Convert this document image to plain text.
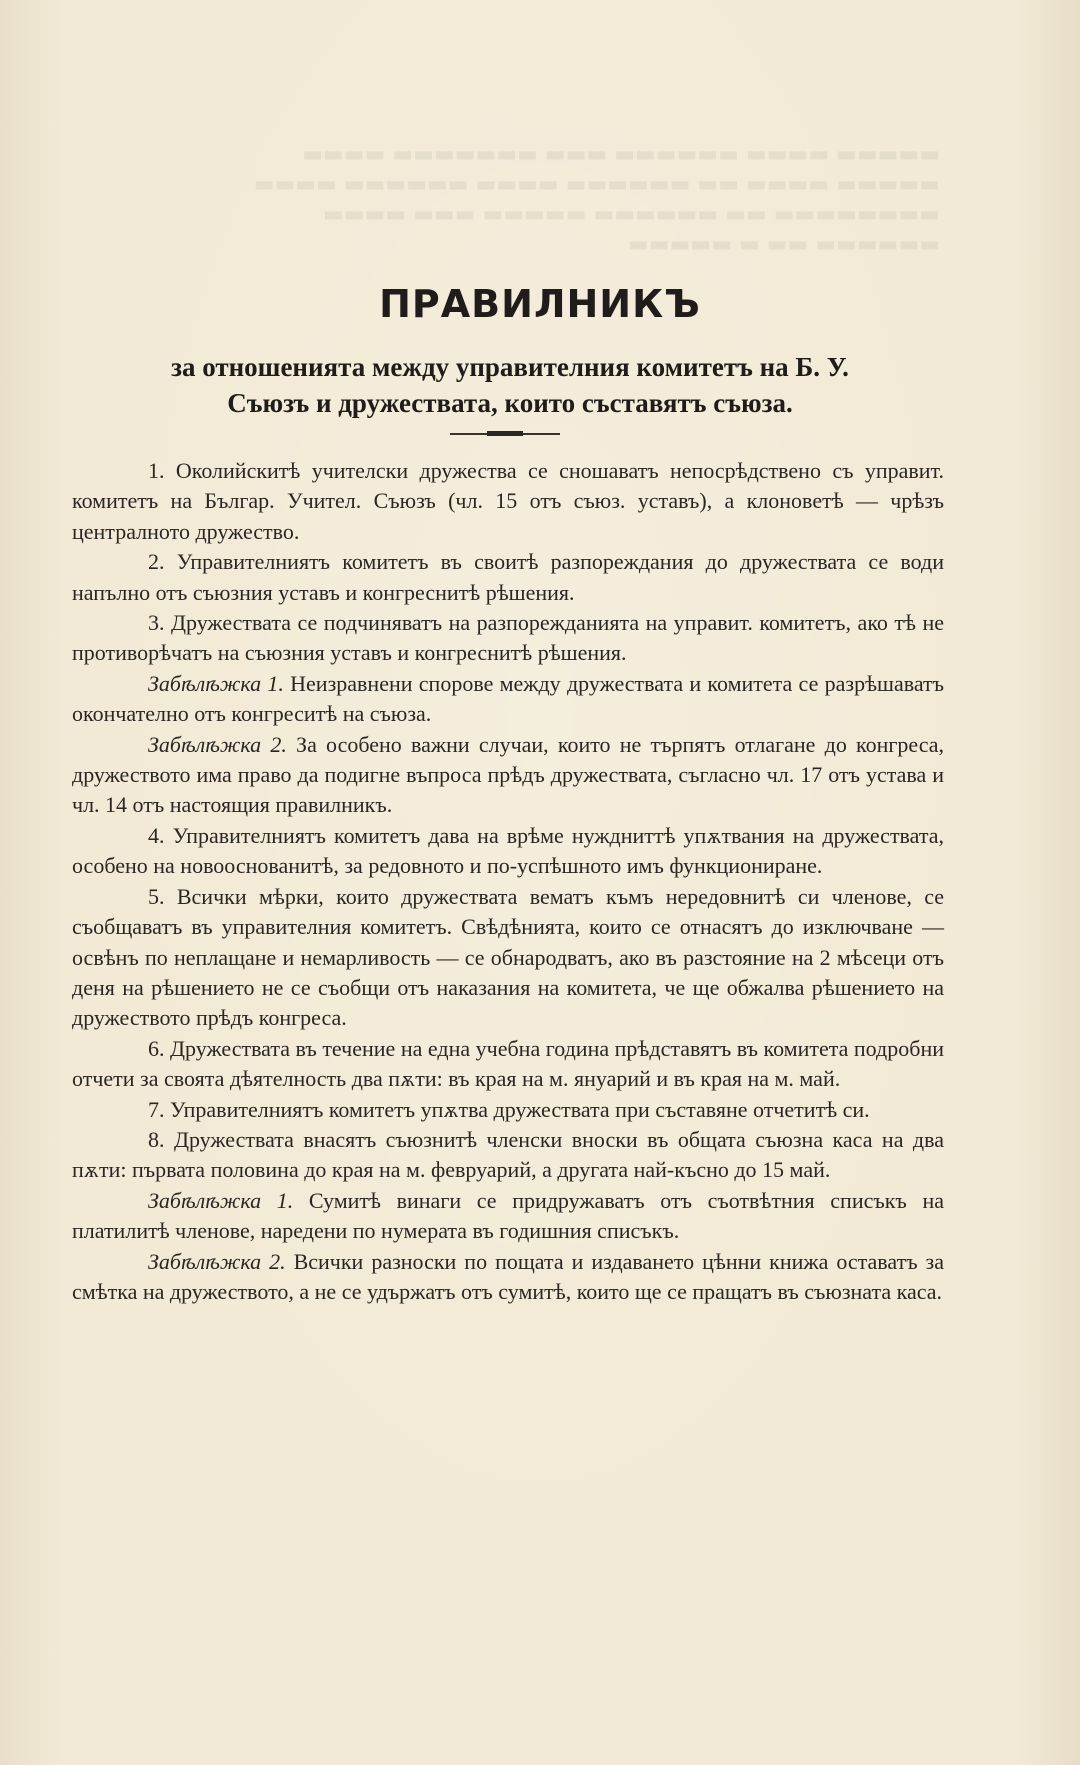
▬▬▬▬▬ ▬▬▬▬ ▬▬▬▬▬▬ ▬▬▬ ▬▬▬▬▬▬▬ ▬▬▬▬
▬▬▬▬▬ ▬▬▬▬ ▬▬ ▬▬▬▬▬▬ ▬▬▬▬ ▬▬▬▬▬▬ ▬▬▬▬
▬▬▬▬▬▬▬▬ ▬▬ ▬▬▬▬▬▬ ▬▬▬▬▬ ▬▬▬ ▬▬▬▬
▬▬▬▬▬▬ ▬▬ ▬ ▬▬▬▬▬
ПРАВИЛНИКЪ
за отношенията между управителния комитетъ на Б. У.
Съюзъ и дружествата, които съставятъ съюза.

1. Околийскитѣ учителски дружества се сношаватъ непосрѣдствено съ управит. комитетъ на Българ. Учител. Съюзъ (чл. 15 отъ съюз. уставъ), а клоноветѣ — чрѣзъ централното дружество.

2. Управителниятъ комитетъ въ своитѣ разпореждания до дружествата се води напълно отъ съюзния уставъ и конгреснитѣ рѣшения.

3. Дружествата се подчиняватъ на разпорежданията на управит. комитетъ, ако тѣ не противорѣчатъ на съюзния уставъ и конгреснитѣ рѣшения.

Забѣлѣжка 1. Неизравнени спорове между дружествата и комитета се разрѣшаватъ окончателно отъ конгреситѣ на съюза.

Забѣлѣжка 2. За особено важни случаи, които не търпятъ отлагане до конгреса, дружеството има право да подигне въпроса прѣдъ дружествата, съгласно чл. 17 отъ устава и чл. 14 отъ настоящия правилникъ.

4. Управителниятъ комитетъ дава на врѣме нуждниттѣ упѫтвания на дружествата, особено на новооснованитѣ, за редовното и по-успѣшното имъ функциониране.

5. Всички мѣрки, които дружествата вематъ къмъ нередовнитѣ си членове, се съобщаватъ въ управителния комитетъ. Свѣдѣнията, които се отнасятъ до изключване — освѣнъ по неплащане и немарливость — се обнародватъ, ако въ разстояние на 2 мѣсеци отъ деня на рѣшението не се съобщи отъ наказания на комитета, че ще обжалва рѣшението на дружеството прѣдъ конгреса.

6. Дружествата въ течение на една учебна година прѣдставятъ въ комитета подробни отчети за своята дѣятелность два пѫти: въ края на м. януарий и въ края на м. май.

7. Управителниятъ комитетъ упѫтва дружествата при съставяне отчетитѣ си.

8. Дружествата внасятъ съюзнитѣ членски вноски въ общата съюзна каса на два пѫти: първата половина до края на м. февруарий, а другата най-късно до 15 май.

Забѣлѣжка 1. Сумитѣ винаги се придружаватъ отъ съотвѣтния списъкъ на платилитѣ членове, наредени по нумерата въ годишния списъкъ.

Забѣлѣжка 2. Всички разноски по пощата и издаването цѣнни книжа оставатъ за смѣтка на дружеството, а не се удържатъ отъ сумитѣ, които ще се пращатъ въ съюзната каса.
